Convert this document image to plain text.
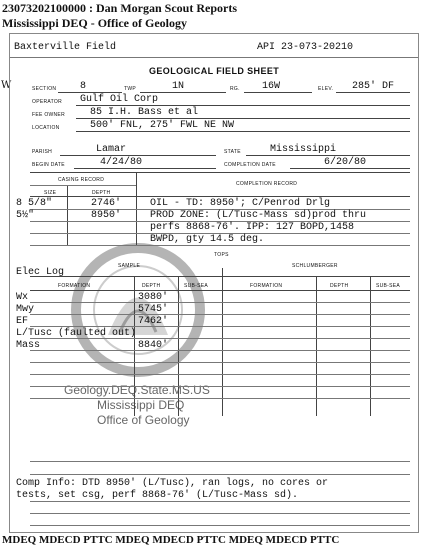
23073202100000 : Dan Morgan Scout Reports
Mississippi DEQ - Office of Geology
W
Geology.DEQ.State.MS.US
Mississippi DEQ
Office of Geology
Baxterville Field	API 23-073-20210
GEOLOGICAL FIELD SHEET
SECTION 8	TWP	1N	RG. 16W	ELEV. 285' DF
OPERATOR Gulf Oil Corp
FEE OWNER	85 I.H. Bass et al
LOCATION	500' FNL, 275' FWL NE NW
PARISH	Lamar	STATE	Mississippi
BEGIN DATE	4/24/80	COMPLETION DATE	6/20/80
CASING RECORD
COMPLETION RECORD
SIZE	DEPTH
8 5/8"	2746'
5½"	8950'
OIL - TD: 8950'; C/Penrod Drlg
PROD ZONE: (L/Tusc-Mass sd)prod thru
perfs 8868-76'. IPP: 127 BOPD,1458
BWPD, gty 14.5 deg.
TOPS
Elec Log
SAMPLE	SCHLUMBERGER
FORMATION	DEPTH	SUB-SEA	FORMATION	DEPTH	SUB-SEA
Wx	3080'
Mwy	5745'
EF	7462'
L/Tusc (faulted out)
Mass	8840'
Comp Info: DTD 8950' (L/Tusc), ran logs, no cores or
tests, set csg, perf 8868-76' (L/Tusc-Mass sd).
MDEQ MDECD PTTC MDEQ MDECD PTTC MDEQ MDECD PTTC
